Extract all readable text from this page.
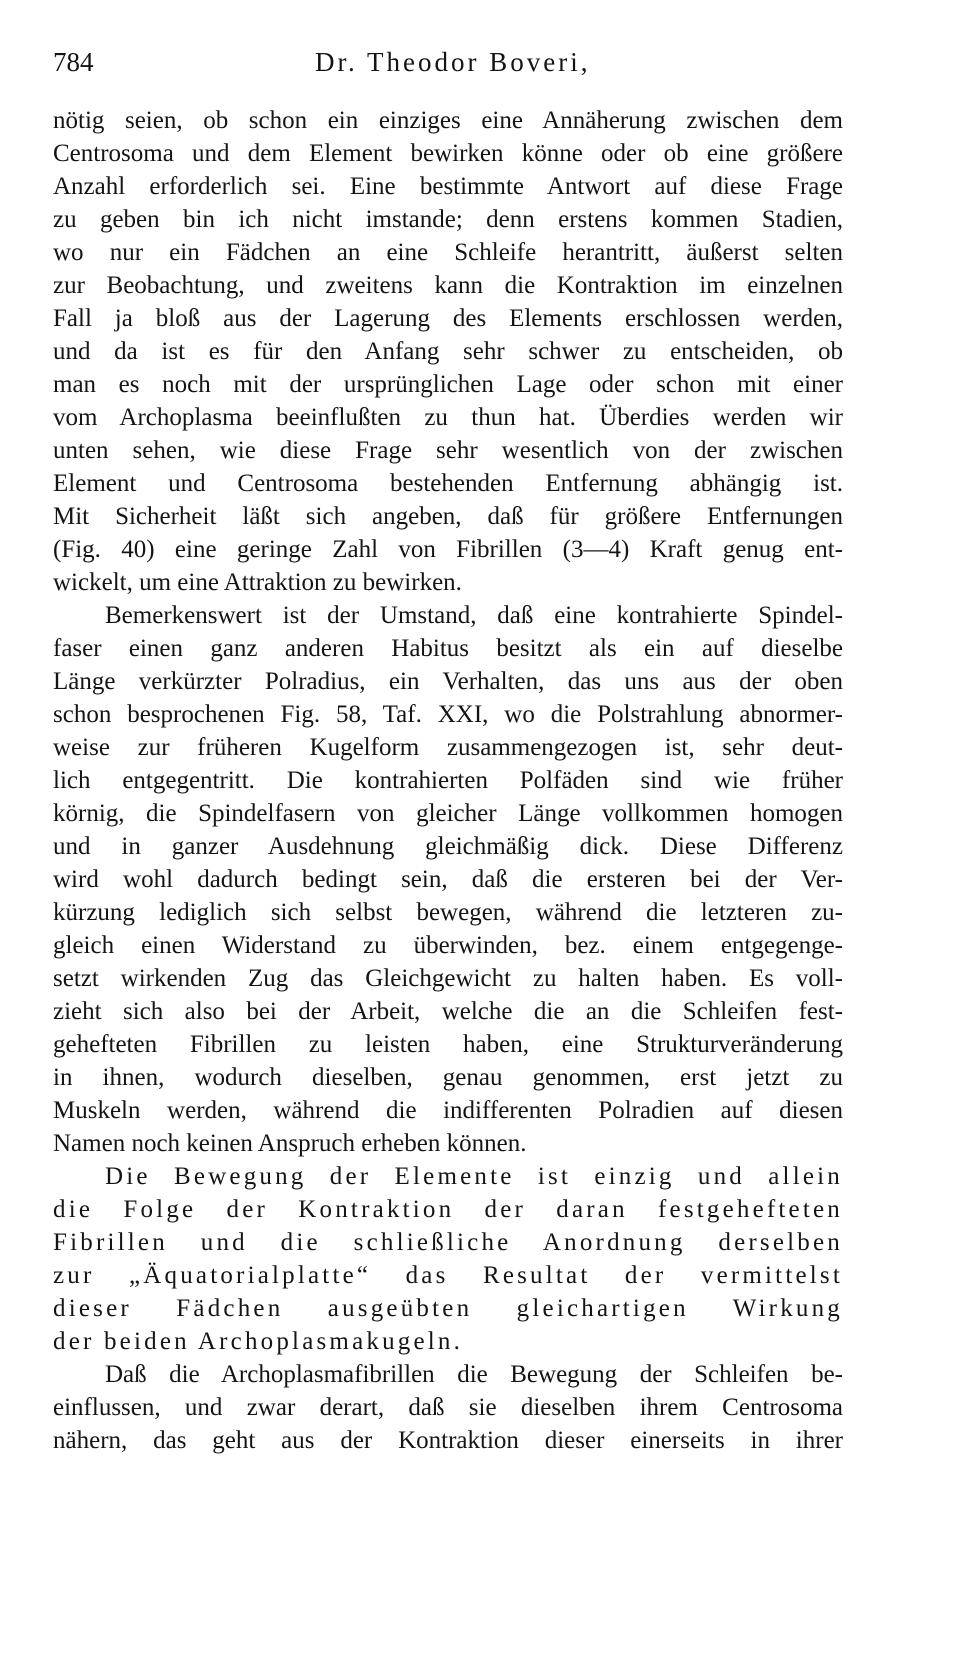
784	Dr. Theodor Boveri,

nötig seien, ob schon ein einziges eine Annäherung zwischen dem
Centrosoma und dem Element bewirken könne oder ob eine größere
Anzahl erforderlich sei. Eine bestimmte Antwort auf diese Frage
zu geben bin ich nicht imstande; denn erstens kommen Stadien,
wo nur ein Fädchen an eine Schleife herantritt, äußerst selten
zur Beobachtung, und zweitens kann die Kontraktion im einzelnen
Fall ja bloß aus der Lagerung des Elements erschlossen werden,
und da ist es für den Anfang sehr schwer zu entscheiden, ob
man es noch mit der ursprünglichen Lage oder schon mit einer
vom Archoplasma beeinflußten zu thun hat. Überdies werden wir
unten sehen, wie diese Frage sehr wesentlich von der zwischen
Element und Centrosoma bestehenden Entfernung abhängig ist.
Mit Sicherheit läßt sich angeben, daß für größere Entfernungen
(Fig. 40) eine geringe Zahl von Fibrillen (3—4) Kraft genug ent-
wickelt, um eine Attraktion zu bewirken.

Bemerkenswert ist der Umstand, daß eine kontrahierte Spindel-
faser einen ganz anderen Habitus besitzt als ein auf dieselbe
Länge verkürzter Polradius, ein Verhalten, das uns aus der oben
schon besprochenen Fig. 58, Taf. XXI, wo die Polstrahlung abnormer-
weise zur früheren Kugelform zusammengezogen ist, sehr deut-
lich entgegentritt. Die kontrahierten Polfäden sind wie früher
körnig, die Spindelfasern von gleicher Länge vollkommen homogen
und in ganzer Ausdehnung gleichmäßig dick. Diese Differenz
wird wohl dadurch bedingt sein, daß die ersteren bei der Ver-
kürzung lediglich sich selbst bewegen, während die letzteren zu-
gleich einen Widerstand zu überwinden, bez. einem entgegenge-
setzt wirkenden Zug das Gleichgewicht zu halten haben. Es voll-
zieht sich also bei der Arbeit, welche die an die Schleifen fest-
gehefteten Fibrillen zu leisten haben, eine Strukturveränderung
in ihnen, wodurch dieselben, genau genommen, erst jetzt zu
Muskeln werden, während die indifferenten Polradien auf diesen
Namen noch keinen Anspruch erheben können.

Die Bewegung der Elemente ist einzig und allein
die Folge der Kontraktion der daran festgehefteten
Fibrillen und die schließliche Anordnung derselben
zur „Äquatorialplatte“ das Resultat der vermittelst
dieser Fädchen ausgeübten gleichartigen Wirkung
der beiden Archoplasmakugeln.

Daß die Archoplasmafibrillen die Bewegung der Schleifen be-
einflussen, und zwar derart, daß sie dieselben ihrem Centrosoma
nähern, das geht aus der Kontraktion dieser einerseits in ihrer
